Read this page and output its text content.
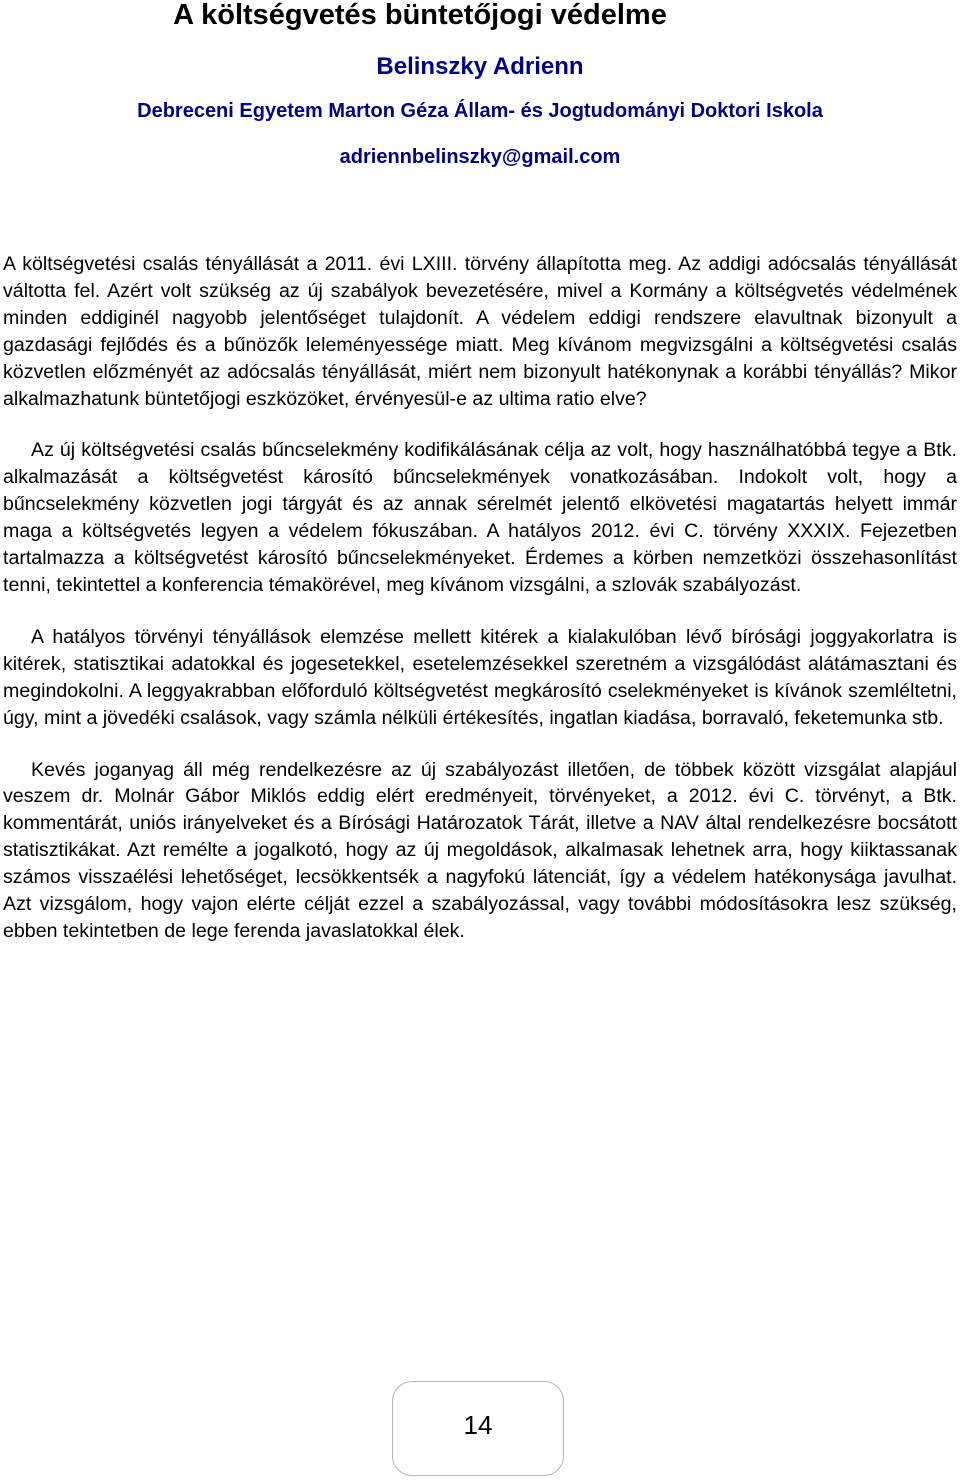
A költségvetés büntetőjogi védelme
Belinszky Adrienn
Debreceni Egyetem Marton Géza Állam- és Jogtudományi Doktori Iskola
adriennbelinszky@gmail.com

A költségvetési csalás tényállását a 2011. évi LXIII. törvény állapította meg. Az addigi adócsalás tényállását váltotta fel. Azért volt szükség az új szabályok bevezetésére, mivel a Kormány a költségvetés védelmének minden eddiginél nagyobb jelentőséget tulajdonít. A védelem eddigi rendszere elavultnak bizonyult a gazdasági fejlődés és a bűnözők leleményessége miatt. Meg kívánom megvizsgálni a költségvetési csalás közvetlen előzményét az adócsalás tényállását, miért nem bizonyult hatékonynak a korábbi tényállás? Mikor alkalmazhatunk büntetőjogi eszközöket, érvényesül-e az ultima ratio elve?

Az új költségvetési csalás bűncselekmény kodifikálásának célja az volt, hogy használhatóbbá tegye a Btk. alkalmazását a költségvetést károsító bűncselekmények vonatkozásában. Indokolt volt, hogy a bűncselekmény közvetlen jogi tárgyát és az annak sérelmét jelentő elkövetési magatartás helyett immár maga a költségvetés legyen a védelem fókuszában. A hatályos 2012. évi C. törvény XXXIX. Fejezetben tartalmazza a költségvetést károsító bűncselekményeket. Érdemes a körben nemzetközi összehasonlítást tenni, tekintettel a konferencia témakörével, meg kívánom vizsgálni, a szlovák szabályozást.

A hatályos törvényi tényállások elemzése mellett kitérek a kialakulóban lévő bírósági joggyakorlatra is kitérek, statisztikai adatokkal és jogesetekkel, esetelemzésekkel szeretném a vizsgálódást alátámasztani és megindokolni. A leggyakrabban előforduló költségvetést megkárosító cselekményeket is kívánok szemléltetni, úgy, mint a jövedéki csalások, vagy számla nélküli értékesítés, ingatlan kiadása, borravaló, feketemunka stb.

Kevés joganyag áll még rendelkezésre az új szabályozást illetően, de többek között vizsgálat alapjául veszem dr. Molnár Gábor Miklós eddig elért eredményeit, törvényeket, a 2012. évi C. törvényt, a Btk. kommentárát, uniós irányelveket és a Bírósági Határozatok Tárát, illetve a NAV által rendelkezésre bocsátott statisztikákat. Azt remélte a jogalkotó, hogy az új megoldások, alkalmasak lehetnek arra, hogy kiiktassanak számos visszaélési lehetőséget, lecsökkentsék a nagyfokú látenciát, így a védelem hatékonysága javulhat. Azt vizsgálom, hogy vajon elérte célját ezzel a szabályozással, vagy további módosításokra lesz szükség, ebben tekintetben de lege ferenda javaslatokkal élek.

14
